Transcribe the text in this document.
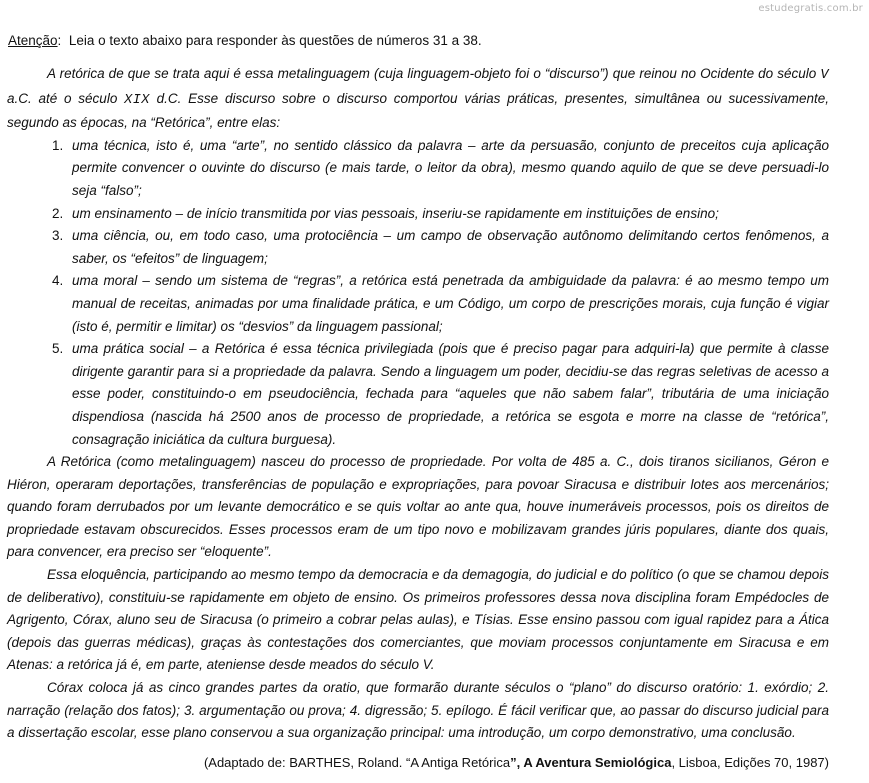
estudegratis.com.br
Atenção: Leia o texto abaixo para responder às questões de números 31 a 38.

A retórica de que se trata aqui é essa metalinguagem (cuja linguagem-objeto foi o “discurso”) que reinou no Ocidente do século V a.C. até o século XIX d.C. Esse discurso sobre o discurso comportou várias práticas, presentes, simultânea ou sucessivamente, segundo as épocas, na “Retórica”, entre elas:

1. uma técnica, isto é, uma “arte”, no sentido clássico da palavra – arte da persuasão, conjunto de preceitos cuja aplicação permite convencer o ouvinte do discurso (e mais tarde, o leitor da obra), mesmo quando aquilo de que se deve persuadi-lo seja “falso”;
2. um ensinamento – de início transmitida por vias pessoais, inseriu-se rapidamente em instituições de ensino;
3. uma ciência, ou, em todo caso, uma protociência – um campo de observação autônomo delimitando certos fenômenos, a saber, os “efeitos” de linguagem;
4. uma moral – sendo um sistema de “regras”, a retórica está penetrada da ambiguidade da palavra: é ao mesmo tempo um manual de receitas, animadas por uma finalidade prática, e um Código, um corpo de prescrições morais, cuja função é vigiar (isto é, permitir e limitar) os “desvios” da linguagem passional;
5. uma prática social – a Retórica é essa técnica privilegiada (pois que é preciso pagar para adquiri-la) que permite à classe dirigente garantir para si a propriedade da palavra. Sendo a linguagem um poder, decidiu-se das regras seletivas de acesso a esse poder, constituindo-o em pseudociência, fechada para “aqueles que não sabem falar”, tributária de uma iniciação dispendiosa (nascida há 2500 anos de processo de propriedade, a retórica se esgota e morre na classe de “retórica”, consagração iniciática da cultura burguesa).

A Retórica (como metalinguagem) nasceu do processo de propriedade. Por volta de 485 a. C., dois tiranos sicilianos, Géron e Hiéron, operaram deportações, transferências de população e expropriações, para povoar Siracusa e distribuir lotes aos mercenários; quando foram derrubados por um levante democrático e se quis voltar ao ante qua, houve inumeráveis processos, pois os direitos de propriedade estavam obscurecidos. Esses processos eram de um tipo novo e mobilizavam grandes júris populares, diante dos quais, para convencer, era preciso ser “eloquente”.

Essa eloquência, participando ao mesmo tempo da democracia e da demagogia, do judicial e do político (o que se chamou depois de deliberativo), constituiu-se rapidamente em objeto de ensino. Os primeiros professores dessa nova disciplina foram Empédocles de Agrigento, Córax, aluno seu de Siracusa (o primeiro a cobrar pelas aulas), e Tísias. Esse ensino passou com igual rapidez para a Ática (depois das guerras médicas), graças às contestações dos comerciantes, que moviam processos conjuntamente em Siracusa e em Atenas: a retórica já é, em parte, ateniense desde meados do século V.

Córax coloca já as cinco grandes partes da oratio, que formarão durante séculos o “plano” do discurso oratório: 1. exórdio; 2. narração (relação dos fatos); 3. argumentação ou prova; 4. digressão; 5. epílogo. É fácil verificar que, ao passar do discurso judicial para a dissertação escolar, esse plano conservou a sua organização principal: uma introdução, um corpo demonstrativo, uma conclusão.

(Adaptado de: BARTHES, Roland. “A Antiga Retórica”, A Aventura Semiológica, Lisboa, Edições 70, 1987)
